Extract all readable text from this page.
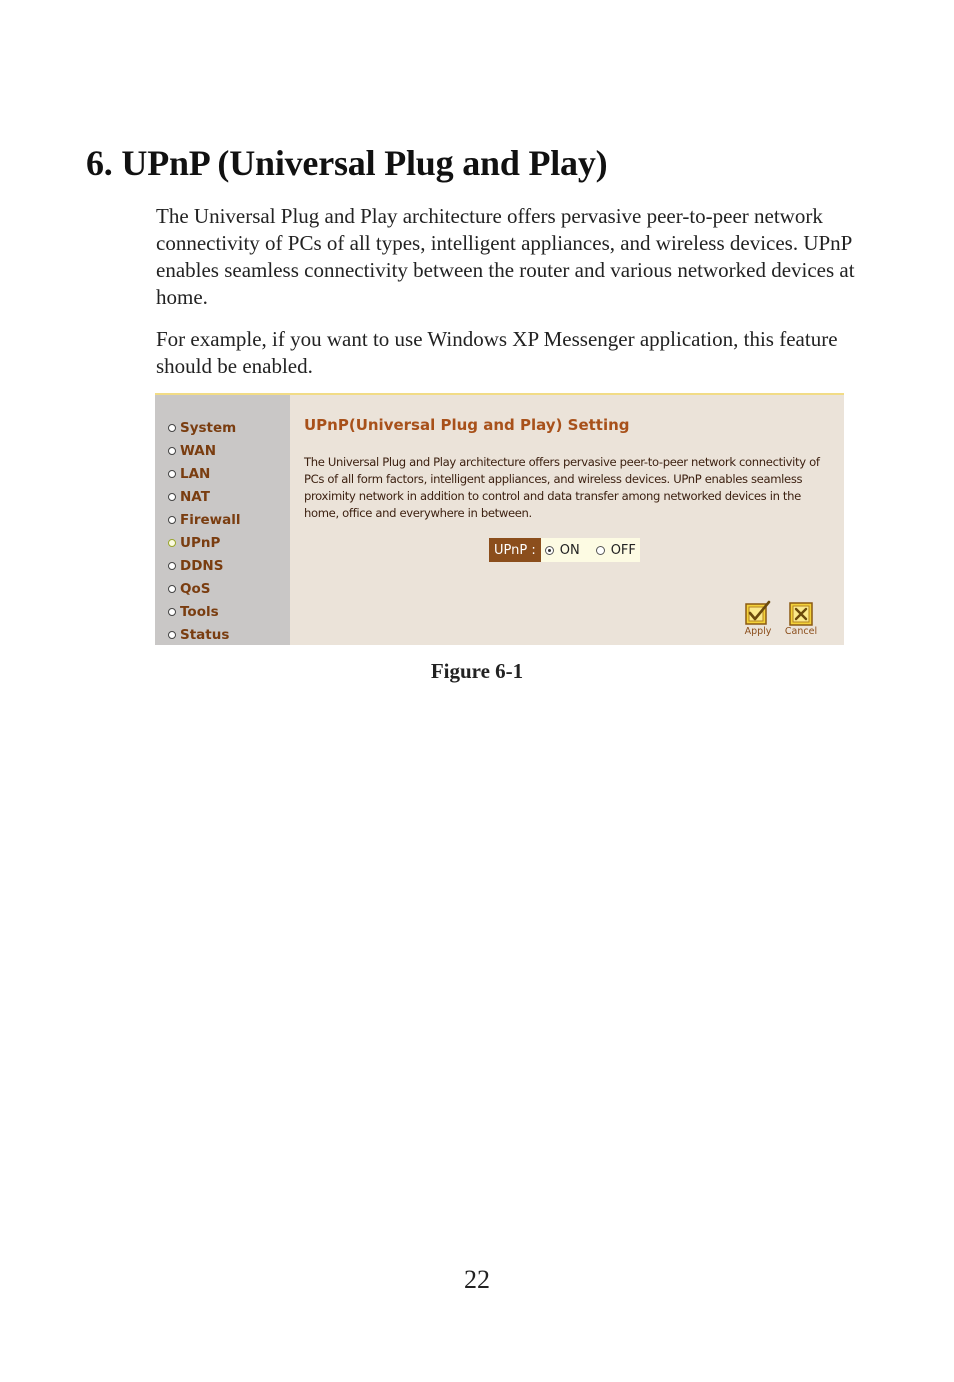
6. UPnP (Universal Plug and Play)

The Universal Plug and Play architecture offers pervasive peer-to-peer network connectivity of PCs of all types, intelligent appliances, and wireless devices. UPnP enables seamless connectivity between the router and various networked devices at home.

For example, if you want to use Windows XP Messenger application, this feature should be enabled.

System
WAN
LAN
NAT
Firewall
UPnP
DDNS
QoS
Tools
Status
UPnP(Universal Plug and Play) Setting

The Universal Plug and Play architecture offers pervasive peer-to-peer network connectivity of PCs of all form factors, intelligent appliances, and wireless devices. UPnP enables seamless proximity network in addition to control and data transfer among networked devices in the home, office and everywhere in between.

UPnP :	ON OFF
Apply	Cancel

Figure 6-1

22
